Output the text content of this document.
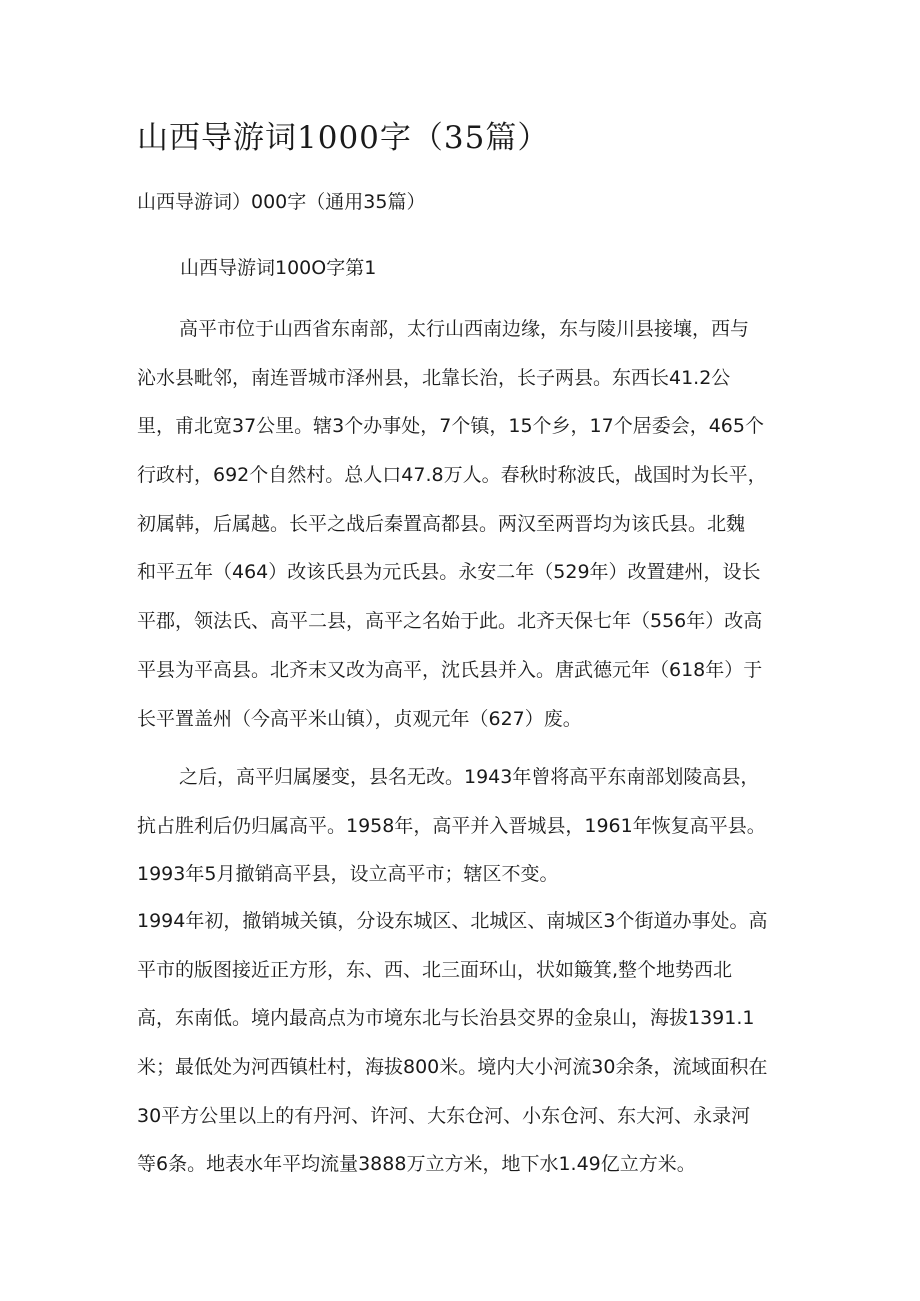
山西导游词1000字（35篇）
山西导游词）000字（通用35篇）
山西导游词100O字第1
高平市位于山西省东南部，太行山西南边缘，东与陵川县接壤，西与
沁水县毗邻，南连晋城市泽州县，北靠长治，长子两县。东西长41.2公
里，甫北宽37公里。辖3个办事处，7个镇，15个乡，17个居委会，465个
行政村，692个自然村。总人口47.8万人。春秋时称波氏，战国时为长平，
初属韩，后属越。长平之战后秦置高都县。两汉至两晋均为该氏县。北魏
和平五年（464）改该氏县为元氏县。永安二年（529年）改置建州，设长
平郡，领法氏、高平二县，高平之名始于此。北齐天保七年（556年）改高
平县为平高县。北齐末又改为高平，沈氏县并入。唐武德元年（618年）于
长平置盖州（今高平米山镇），贞观元年（627）废。
之后，高平归属屡变，县名无改。1943年曾将高平东南部划陵高县，
抗占胜利后仍归属高平。1958年，高平并入晋城县，1961年恢复高平县。
1993年5月撤销高平县，设立高平市；辖区不变。
1994年初，撤销城关镇，分设东城区、北城区、南城区3个街道办事处。高
平市的版图接近正方形，东、西、北三面环山，状如簸箕,整个地势西北
高，东南低。境内最高点为市境东北与长治县交界的金泉山，海拔1391.1
米；最低处为河西镇杜村，海拔800米。境内大小河流30余条，流域面积在
30平方公里以上的有丹河、许河、大东仓河、小东仓河、东大河、永录河
等6条。地表水年平均流量3888万立方米，地下水1.49亿立方米。
